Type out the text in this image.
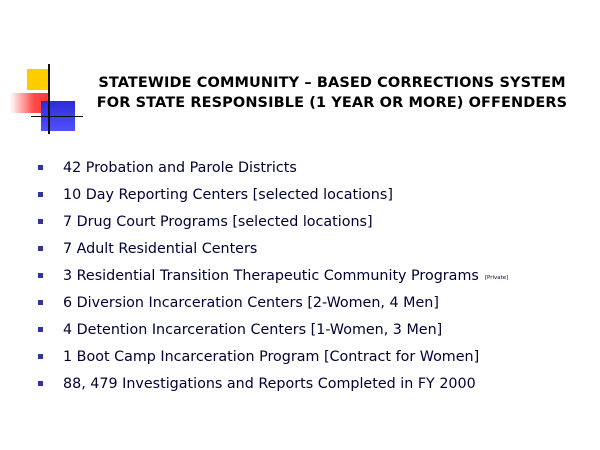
STATEWIDE COMMUNITY – BASED CORRECTIONS SYSTEM
FOR STATE RESPONSIBLE (1 YEAR OR MORE) OFFENDERS
42 Probation and Parole Districts
10 Day Reporting Centers [selected locations]
7 Drug Court Programs [selected locations]
7 Adult Residential Centers
3 Residential Transition Therapeutic Community Programs [Private]
6 Diversion Incarceration Centers [2-Women, 4 Men]
4 Detention Incarceration Centers [1-Women, 3 Men]
1 Boot Camp Incarceration Program [Contract for Women]
88, 479 Investigations and Reports Completed in FY 2000
